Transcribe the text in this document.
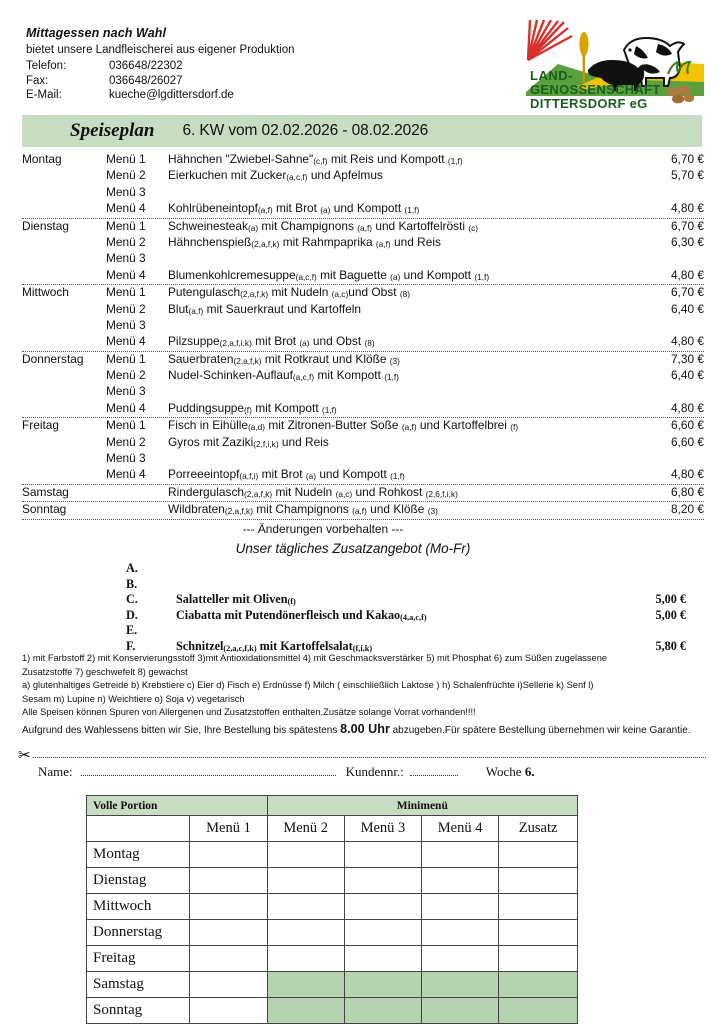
Mittagessen nach Wahl
bietet unsere Landfleischerei aus eigener Produktion
Telefon:	036648/22302
Fax:	036648/26027
E-Mail:	kueche@lgdittersdorf.de
LAND-
GENOSSENSCHAFT
DITTERSDORF eG
Speiseplan 6. KW vom 02.02.2026 - 08.02.2026
Montag	Menü 1	Hähnchen "Zwiebel-Sahne"(c,f) mit Reis und Kompott (1,f)	6,70 €
Menü 2	Eierkuchen mit Zucker(a,c,f) und Apfelmus	5,70 €
Menü 3

Menü 4	Kohlrübeneintopf(a,f) mit Brot (a) und Kompott (1,f)	4,80 €
Dienstag	Menü 1	Schweinesteak(a) mit Champignons (a,f) und Kartoffelrösti (c)	6,70 €
Menü 2	Hähnchenspieß(2,a,f,k) mit Rahmpaprika (a,f) und Reis	6,30 €
Menü 3

Menü 4	Blumenkohlcremesuppe(a,c,f) mit Baguette (a) und Kompott (1,f)	4,80 €
Mittwoch	Menü 1	Putengulasch(2,a,f,k) mit Nudeln (a,c)und Obst (8)	6,70 €
Menü 2	Blut(a,f) mit Sauerkraut und Kartoffeln	6,40 €
Menü 3

Menü 4	Pilzsuppe(2,a,f,i,k) mit Brot (a) und Obst (8)	4,80 €
Donnerstag	Menü 1	Sauerbraten(2,a,f,k) mit Rotkraut und Klöße (3)	7,30 €
Menü 2	Nudel-Schinken-Auflauf(a,c,f) mit Kompott (1,f)	6,40 €
Menü 3

Menü 4	Puddingsuppe(f) mit Kompott (1,f)	4,80 €
Freitag	Menü 1	Fisch in Eihülle(a,d) mit Zitronen-Butter Soße (a,f) und Kartoffelbrei (f)	6,60 €
Menü 2	Gyros mit Zaziki(2,f,i,k) und Reis	6,60 €
Menü 3

Menü 4	Porreeeintopf(a,f,i) mit Brot (a) und Kompott (1,f)	4,80 €
Samstag
	Rindergulasch(2,a,f,k) mit Nudeln (a,c) und Rohkost (2,6,f,i,k)	6,80 €
Sonntag
	Wildbraten(2,a,f,k) mit Champignons (a,f) und Klöße (3)	8,20 €
--- Änderungen vorbehalten ---
Unser tägliches Zusatzangebot (Mo-Fr)
A.

B.

C.	Salatteller mit Oliven(f)	5,00 €
D.	Ciabatta mit Putendönerfleisch und Kakao(4,a,c,f)	5,00 €
E.

F.	Schnitzel(2,a,c,f,k) mit Kartoffelsalat(f,i,k)	5,80 €
1) mit Farbstoff 2) mit Konservierungsstoff 3)mit Antioxidationsmittel 4) mit Geschmacksverstärker 5) mit Phosphat 6) zum Süßen zugelassene
Zusatzstoffe 7) geschwefelt 8) gewachst
a) glutenhaltiges Getreide b) Krebstiere c) Eier d) Fisch e) Erdnüsse f) Milch ( einschließlich Laktose ) h) Schalenfrüchte i)Sellerie k) Senf l)
Sesam m) Lupine n) Weichtiere o) Soja v) vegetarisch
Alle Speisen können Spuren von Allergenen und Zusatzstoffen enthalten.Zusätze solange Vorrat vorhanden!!!!
Aufgrund des Wahlessens bitten wir Sie, Ihre Bestellung bis spätestens 8.00 Uhr abzugeben.Für spätere Bestellung übernehmen wir keine Garantie.
✂
Name:	Kundennr.:	Woche 6.
Volle Portion		Minimenü			
	Menü 1	Menü 2	Menü 3	Menü 4	Zusatz
Montag					
Dienstag					
Mittwoch					
Donnerstag					
Freitag					
Samstag					
Sonntag					
